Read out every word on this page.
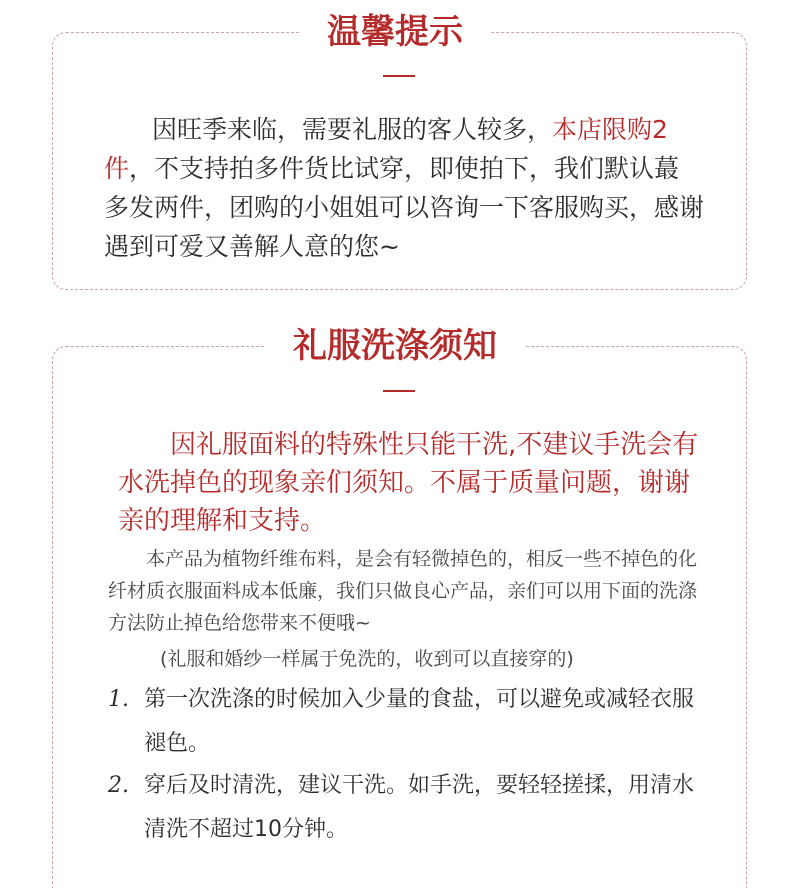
温馨提示
因旺季来临，需要礼服的客人较多，本店限购2件，不支持拍多件货比试穿，即使拍下，我们默认蕞多发两件，团购的小姐姐可以咨询一下客服购买，感谢遇到可爱又善解人意的您~
礼服洗涤须知
因礼服面料的特殊性只能干洗,不建议手洗会有水洗掉色的现象亲们须知。不属于质量问题，谢谢亲的理解和支持。
本产品为植物纤维布料，是会有轻微掉色的，相反一些不掉色的化纤材质衣服面料成本低廉，我们只做良心产品，亲们可以用下面的洗涤方法防止掉色给您带来不便哦~
(礼服和婚纱一样属于免洗的，收到可以直接穿的)
1. 第一次洗涤的时候加入少量的食盐，可以避免或减轻衣服褪色。
2. 穿后及时清洗，建议干洗。如手洗，要轻轻搓揉，用清水清洗不超过10分钟。
